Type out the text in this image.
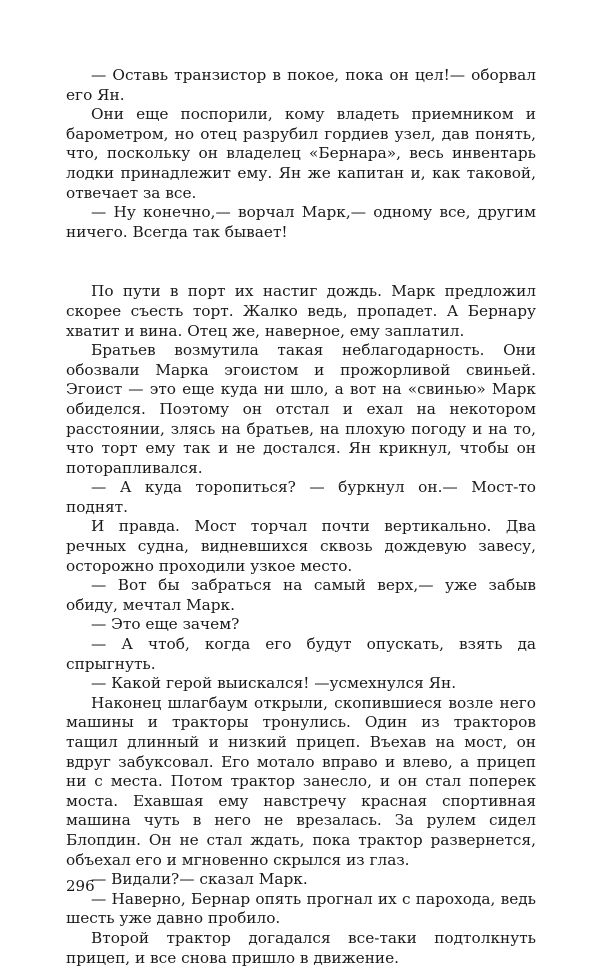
— Оставь транзистор в покое, пока он цел!— оборвал его Ян.

Они еще поспорили, кому владеть приемником и барометром, но отец разрубил гордиев узел, дав понять, что, поскольку он владелец «Бернара», весь инвентарь лодки принадлежит ему. Ян же капитан и, как таковой, отвечает за все.

— Ну конечно,— ворчал Марк,— одному все, другим ничего. Всегда так бывает!

По пути в порт их настиг дождь. Марк предложил скорее съесть торт. Жалко ведь, пропадет. А Бернару хватит и вина. Отец же, наверное, ему заплатил.

Братьев возмутила такая неблагодарность. Они обозвали Марка эгоистом и прожорливой свиньей. Эгоист — это еще куда ни шло, а вот на «свинью» Марк обиделся. Поэтому он отстал и ехал на некотором расстоянии, злясь на братьев, на плохую погоду и на то, что торт ему так и не достался. Ян крикнул, чтобы он поторапливался.

— А куда торопиться? — буркнул он.— Мост-то поднят.

И правда. Мост торчал почти вертикально. Два речных судна, видневшихся сквозь дождевую завесу, осторожно проходили узкое место.

— Вот бы забраться на самый верх,— уже забыв обиду, мечтал Марк.

— Это еще зачем?

— А чтоб, когда его будут опускать, взять да спрыгнуть.

— Какой герой выискался! —усмехнулся Ян.

Наконец шлагбаум открыли, скопившиеся возле него машины и тракторы тронулись. Один из тракторов тащил длинный и низкий прицеп. Въехав на мост, он вдруг забуксовал. Его мотало вправо и влево, а прицеп ни с места. Потом трактор занесло, и он стал поперек моста. Ехавшая ему навстречу красная спортивная машина чуть в него не врезалась. За рулем сидел Блопдин. Он не стал ждать, пока трактор развернется, объехал его и мгновенно скрылся из глаз.

— Видали?— сказал Марк.

— Наверно, Бернар опять прогнал их с парохода, ведь шесть уже давно пробило.

Второй трактор догадался все-таки подтолкнуть прицеп, и все снова пришло в движение.

296
